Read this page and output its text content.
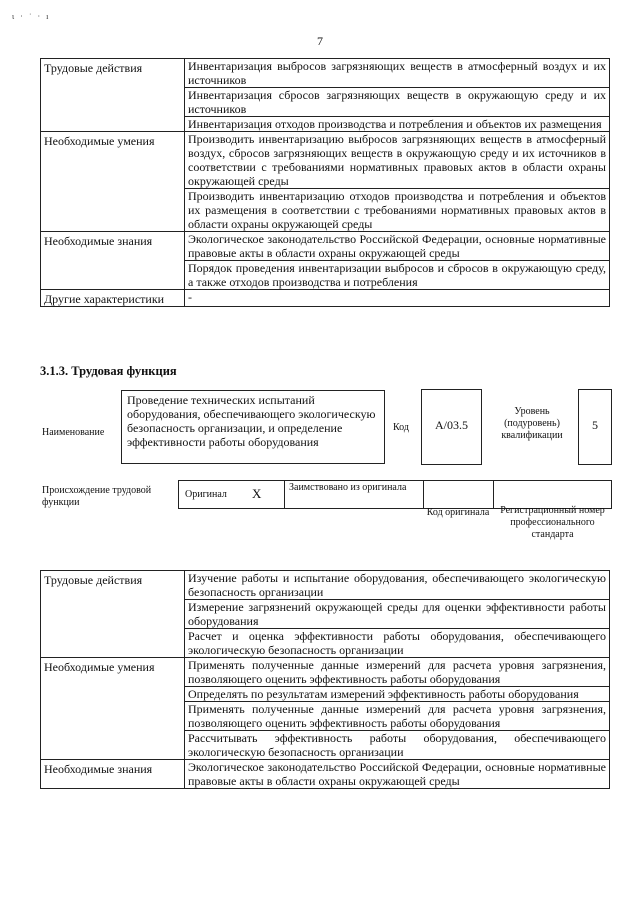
ι · ˙ · ı
7
Трудовые действия	Инвентаризация выбросов загрязняющих веществ в атмосферный воздух и их источников
	Инвентаризация сбросов загрязняющих веществ в окружающую среду и их источников
	Инвентаризация отходов производства и потребления и объектов их размещения
Необходимые умения	Производить инвентаризацию выбросов загрязняющих веществ в атмосферный воздух, сбросов загрязняющих веществ в окружающую среду и их источников в соответствии с требованиями нормативных правовых актов в области охраны окружающей среды
	Производить инвентаризацию отходов производства и потребления и объектов их размещения в соответствии с требованиями нормативных правовых актов в области охраны окружающей среды
Необходимые знания	Экологическое законодательство Российской Федерации, основные нормативные правовые акты в области охраны окружающей среды
	Порядок проведения инвентаризации выбросов и сбросов в окружающую среду, а также отходов производства и потребления
Другие характеристики	-
3.1.3. Трудовая функция
Наименование
Проведение технических испытаний оборудования, обеспечивающего экологическую безопасность организации, и определение эффективности работы оборудования
Код	A/03.5
Уровень (подуровень) квалификации
5
Происхождение трудовой функции
Оригинал X	Заимствовано из оригинала
Код оригинала	Регистрационный номер профессионального стандарта
Трудовые действия	Изучение работы и испытание оборудования, обеспечивающего экологическую безопасность организации
	Измерение загрязнений окружающей среды для оценки эффективности работы оборудования
	Расчет и оценка эффективности работы оборудования, обеспечивающего экологическую безопасность организации
Необходимые умения	Применять полученные данные измерений для расчета уровня загрязнения, позволяющего оценить эффективность работы оборудования
	Определять по результатам измерений эффективность работы оборудования
	Применять полученные данные измерений для расчета уровня загрязнения, позволяющего оценить эффективность работы оборудования
	Рассчитывать эффективность работы оборудования, обеспечивающего экологическую безопасность организации
Необходимые знания	Экологическое законодательство Российской Федерации, основные нормативные правовые акты в области охраны окружающей среды
